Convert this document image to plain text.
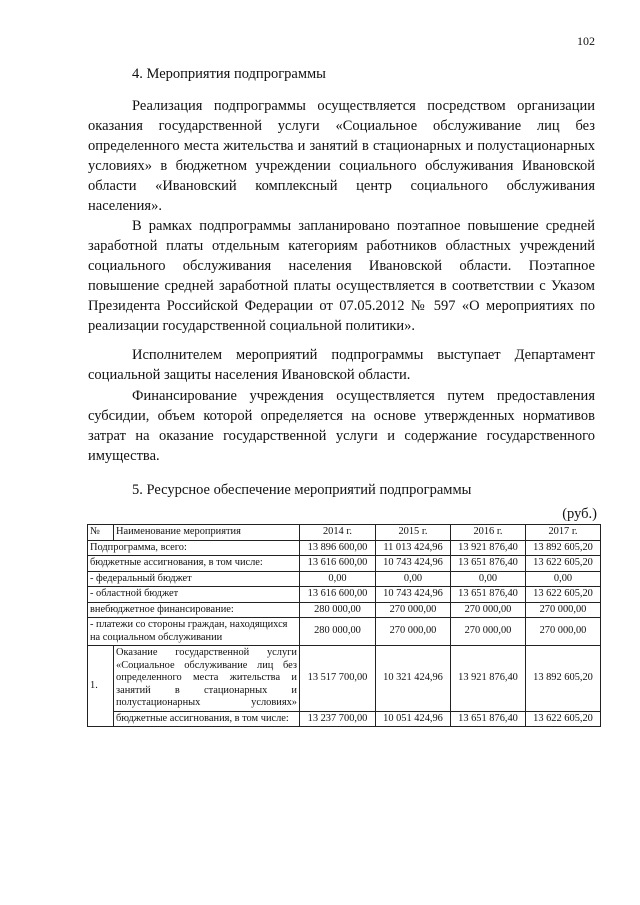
102
4. Мероприятия подпрограммы
Реализация подпрограммы осуществляется посредством организации оказания государственной услуги «Социальное обслуживание лиц без определенного места жительства и занятий в стационарных и полустационарных условиях» в бюджетном учреждении социального обслуживания Ивановской области «Ивановский комплексный центр социального обслуживания населения».
В рамках подпрограммы запланировано поэтапное повышение средней заработной платы отдельным категориям работников областных учреждений социального обслуживания населения Ивановской области. Поэтапное повышение средней заработной платы осуществляется в соответствии с Указом Президента Российской Федерации от 07.05.2012 № 597 «О мероприятиях по реализации государственной социальной политики».
Исполнителем мероприятий подпрограммы выступает Департамент социальной защиты населения Ивановской области.
Финансирование учреждения осуществляется путем предоставления субсидии, объем которой определяется на основе утвержденных нормативов затрат на оказание государственной услуги и содержание государственного имущества.
5. Ресурсное обеспечение мероприятий подпрограммы
(руб.)
№	Наименование мероприятия	2014 г.	2015 г.	2016 г.	2017 г.
Подпрограмма, всего:		13 896 600,00	11 013 424,96	13 921 876,40	13 892 605,20
бюджетные ассигнования, в том числе:		13 616 600,00	10 743 424,96	13 651 876,40	13 622 605,20
- федеральный бюджет		0,00	0,00	0,00	0,00
- областной бюджет		13 616 600,00	10 743 424,96	13 651 876,40	13 622 605,20
внебюджетное финансирование:		280 000,00	270 000,00	270 000,00	270 000,00
- платежи со стороны граждан, находящихся на социальном обслуживании		280 000,00	270 000,00	270 000,00	270 000,00
1.	Оказание государственной услуги «Социальное обслуживание лиц без определенного места жительства и занятий в стационарных и полустационарных условиях»	13 517 700,00	10 321 424,96	13 921 876,40	13 892 605,20
	бюджетные ассигнования, в том числе:	13 237 700,00	10 051 424,96	13 651 876,40	13 622 605,20
